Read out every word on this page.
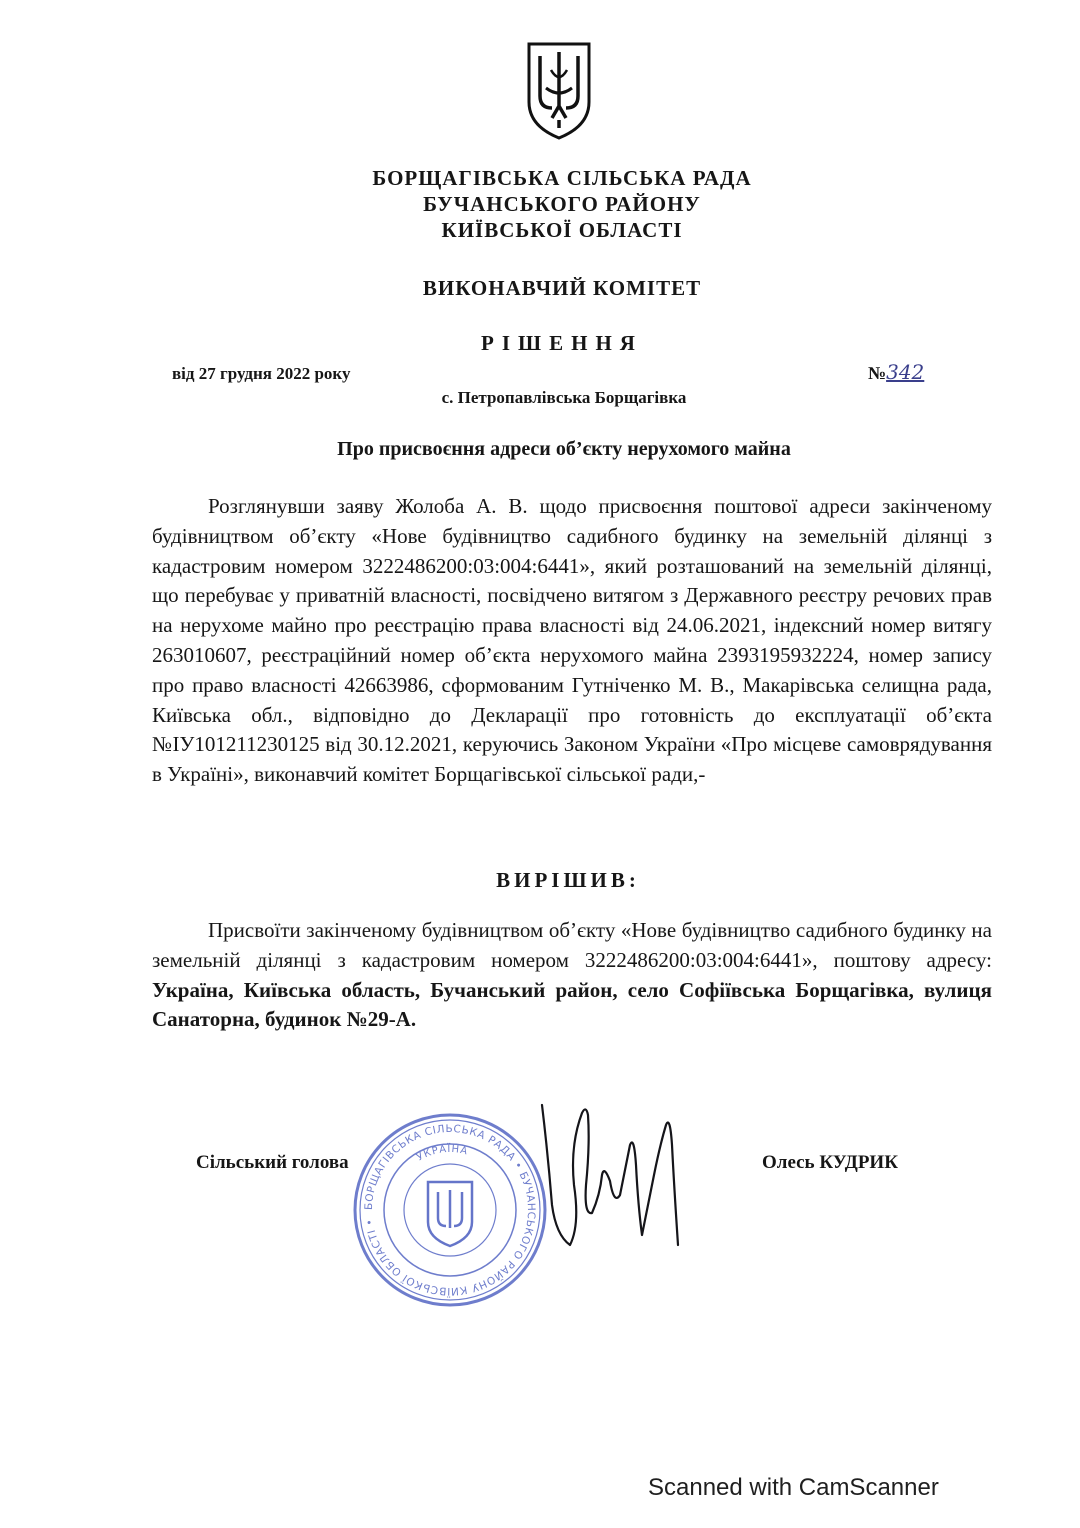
БОРЩАГІВСЬКА СІЛЬСЬКА РАДА
БУЧАНСЬКОГО РАЙОНУ
КИЇВСЬКОЇ ОБЛАСТІ
ВИКОНАВЧИЙ КОМІТЕТ
РІШЕННЯ
від 27 грудня 2022 року	№342
с. Петропавлівська Борщагівка
Про присвоєння адреси об’єкту нерухомого майна
Розглянувши заяву Жолоба А. В. щодо присвоєння поштової адреси закінченому будівництвом об’єкту «Нове будівництво садибного будинку на земельній ділянці з кадастровим номером 3222486200:03:004:6441», який розташований на земельній ділянці, що перебуває у приватній власності, посвідчено витягом з Державного реєстру речових прав на нерухоме майно про реєстрацію права власності від 24.06.2021, індексний номер витягу 263010607, реєстраційний номер об’єкта нерухомого майна 2393195932224, номер запису про право власності 42663986, сформованим Гутніченко М. В., Макарівська селищна рада, Київська обл., відповідно до Декларації про готовність до експлуатації об’єкта №ІУ101211230125 від 30.12.2021, керуючись Законом України «Про місцеве самоврядування в Україні», виконавчий комітет Борщагівської сільської ради,-
ВИРІШИВ:
Присвоїти закінченому будівництвом об’єкту «Нове будівництво садибного будинку на земельній ділянці з кадастровим номером 3222486200:03:004:6441», поштову адресу: Україна, Київська область, Бучанський район, село Софіївська Борщагівка, вулиця Санаторна, будинок №29-А.
БОРЩАГІВСЬКА СІЛЬСЬКА РАДА • БУЧАНСЬКОГО РАЙОНУ КИЇВСЬКОЇ ОБЛАСТІ •
УКРАЇНА
Сільський голова	Олесь КУДРИК
Scanned with CamScanner
